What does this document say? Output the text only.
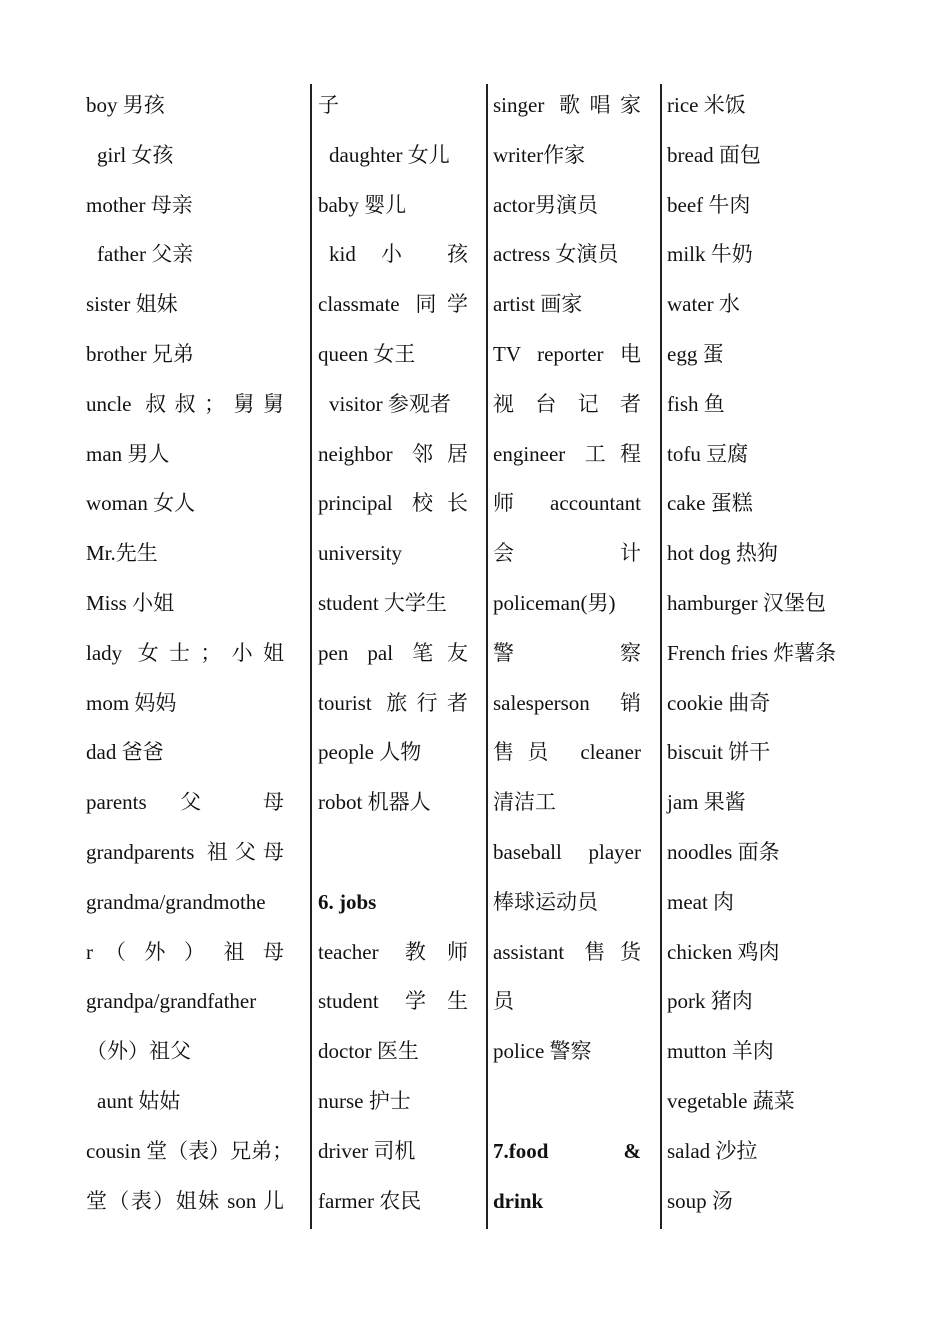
boy 男孩
girl 女孩
mother 母亲
father 父亲
sister 姐妹
brother 兄弟
uncle 叔叔；舅舅
man 男人
woman 女人
Mr.先生
Miss 小姐
lady 女士；小姐
mom 妈妈
dad 爸爸
parents 父 母
grandparents 祖父母
grandma/grandmothe
r （ 外 ） 祖 母
grandpa/grandfather
（外）祖父
aunt 姑姑
cousin 堂（表）兄弟；
堂（表）姐妹 son 儿
子
daughter 女儿
baby 婴儿
kid 小 孩
classmate 同学
queen 女王
visitor 参观者
neighbor 邻居
principal 校长
university
student 大学生
pen pal 笔友
tourist 旅行者
people 人物
robot 机器人
6. jobs
teacher 教师
student 学生
doctor 医生
nurse 护士
driver 司机
farmer 农民
singer 歌唱家
writer作家
actor男演员
actress 女演员
artist 画家
TV reporter 电
视 台 记 者
engineer 工程
师 accountant
会 计
policeman(男)
警 察
salesperson 销
售员 cleaner
清洁工
baseball player
棒球运动员
assistant 售货
员
police 警察
7.food &
drink
rice 米饭
bread 面包
beef 牛肉
milk 牛奶
water 水
egg 蛋
fish 鱼
tofu 豆腐
cake 蛋糕
hot dog 热狗
hamburger 汉堡包
French fries 炸薯条
cookie 曲奇
biscuit 饼干
jam 果酱
noodles 面条
meat 肉
chicken 鸡肉
pork 猪肉
mutton 羊肉
vegetable 蔬菜
salad 沙拉
soup 汤
